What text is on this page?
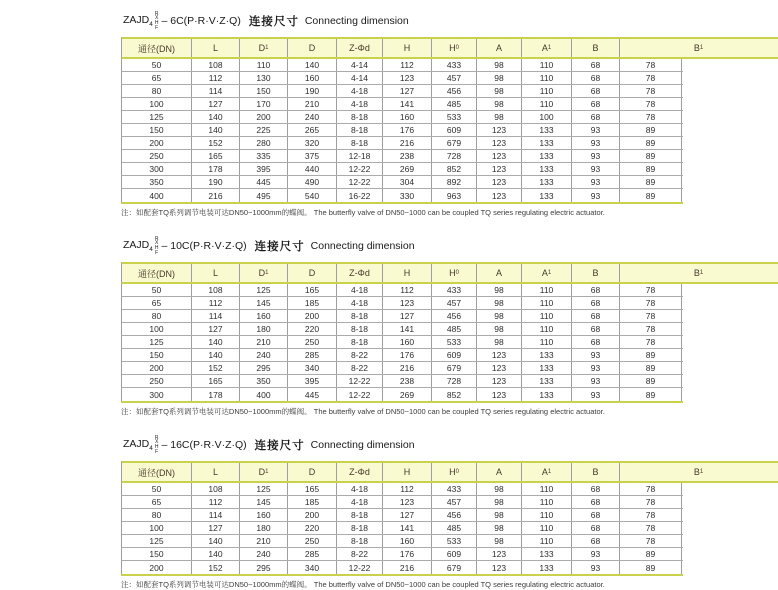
$ZAJD_4$
R
X
H
F
– 6C(P·R·V·Z·Q) 连接尺寸 Connecting dimension
通径(DN)	L	D 1	D	Z-Φd	H	H 0	A	A 1	B	B 1
50	108	110	140	4-14	112	433	98	110	68	78
65	112	130	160	4-14	123	457	98	110	68	78
80	114	150	190	4-18	127	456	98	110	68	78
100	127	170	210	4-18	141	485	98	110	68	78
125	140	200	240	8-18	160	533	98	100	68	78
150	140	225	265	8-18	176	609	123	133	93	89
200	152	280	320	8-18	216	679	123	133	93	89
250	165	335	375	12-18	238	728	123	133	93	89
300	178	395	440	12-22	269	852	123	133	93	89
350	190	445	490	12-22	304	892	123	133	93	89
400	216	495	540	16-22	330	963	123	133	93	89
注：如配套TQ系列调节电装可达DN50~1000mm的蝶阀。 The butterfly valve of DN50~1000 can be coupled TQ series regulating electric actuator.
$ZAJD_4$
R
X
H
F
– 10C(P·R·V·Z·Q) 连接尺寸 Connecting dimension
通径(DN)	L	D 1	D	Z-Φd	H	H 0	A	A 1	B	B 1
50	108	125	165	4-18	112	433	98	110	68	78
65	112	145	185	4-18	123	457	98	110	68	78
80	114	160	200	8-18	127	456	98	110	68	78
100	127	180	220	8-18	141	485	98	110	68	78
125	140	210	250	8-18	160	533	98	110	68	78
150	140	240	285	8-22	176	609	123	133	93	89
200	152	295	340	8-22	216	679	123	133	93	89
250	165	350	395	12-22	238	728	123	133	93	89
300	178	400	445	12-22	269	852	123	133	93	89
注：如配套TQ系列调节电装可达DN50~1000mm的蝶阀。 The butterfly valve of DN50~1000 can be coupled TQ series regulating electric actuator.
$ZAJD_4$
R
X
H
F
– 16C(P·R·V·Z·Q) 连接尺寸 Connecting dimension
通径(DN)	L	D 1	D	Z-Φd	H	H 0	A	A 1	B	B 1
50	108	125	165	4-18	112	433	98	110	68	78
65	112	145	185	4-18	123	457	98	110	68	78
80	114	160	200	8-18	127	456	98	110	68	78
100	127	180	220	8-18	141	485	98	110	68	78
125	140	210	250	8-18	160	533	98	110	68	78
150	140	240	285	8-22	176	609	123	133	93	89
200	152	295	340	12-22	216	679	123	133	93	89
注：如配套TQ系列调节电装可达DN50~1000mm的蝶阀。 The butterfly valve of DN50~1000 can be coupled TQ series regulating electric actuator.
